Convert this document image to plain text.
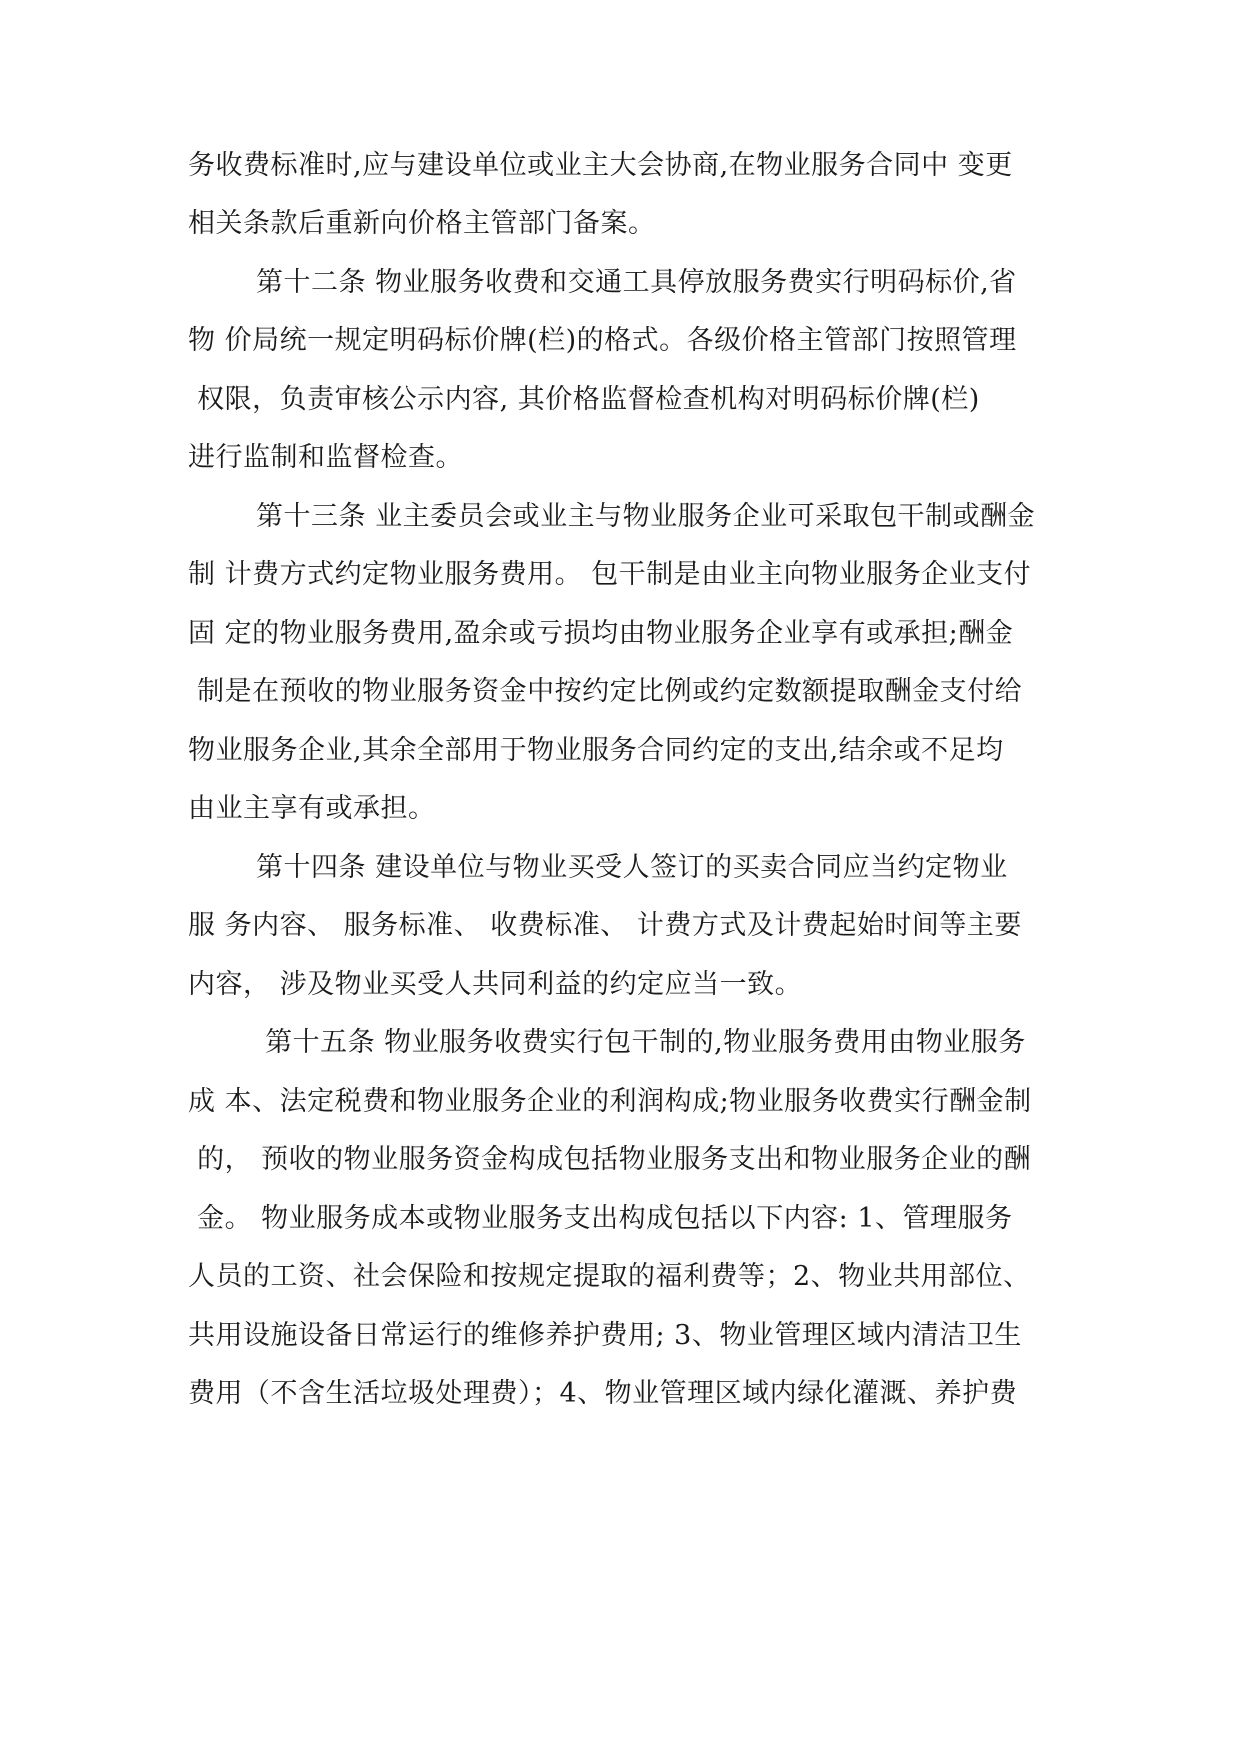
务收费标准时,应与建设单位或业主大会协商,在物业服务合同中 变更
相关条款后重新向价格主管部门备案。
第十二条 物业服务收费和交通工具停放服务费实行明码标价,省
物 价局统一规定明码标价牌(栏)的格式。各级价格主管部门按照管理
权限，负责审核公示内容, 其价格监督检查机构对明码标价牌(栏)
进行监制和监督检查。
第十三条 业主委员会或业主与物业服务企业可采取包干制或酬金
制 计费方式约定物业服务费用。 包干制是由业主向物业服务企业支付
固 定的物业服务费用,盈余或亏损均由物业服务企业享有或承担;酬金
制是在预收的物业服务资金中按约定比例或约定数额提取酬金支付给
物业服务企业,其余全部用于物业服务合同约定的支出,结余或不足均
由业主享有或承担。
第十四条 建设单位与物业买受人签订的买卖合同应当约定物业
服 务内容、 服务标准、 收费标准、 计费方式及计费起始时间等主要
内容， 涉及物业买受人共同利益的约定应当一致。
第十五条 物业服务收费实行包干制的,物业服务费用由物业服务
成 本、法定税费和物业服务企业的利润构成;物业服务收费实行酬金制
的， 预收的物业服务资金构成包括物业服务支出和物业服务企业的酬
金。 物业服务成本或物业服务支出构成包括以下内容: 1、管理服务
人员的工资、社会保险和按规定提取的福利费等；2、物业共用部位、
共用设施设备日常运行的维修养护费用; 3、物业管理区域内清洁卫生
费用（不含生活垃圾处理费）；4、物业管理区域内绿化灌溉、养护费
